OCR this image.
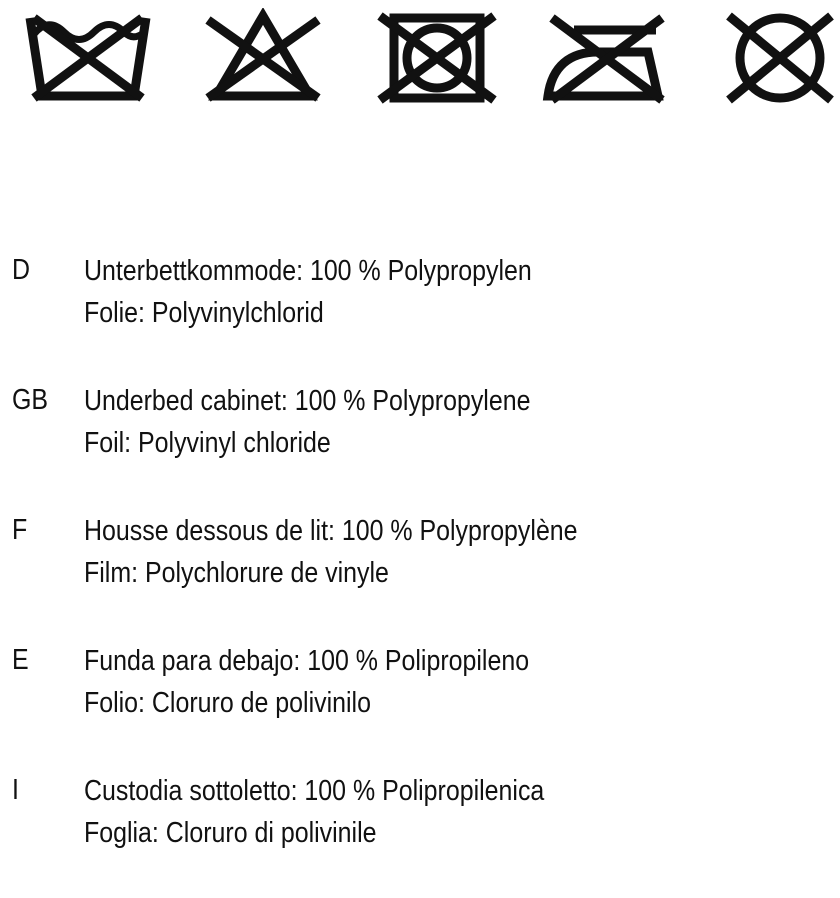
D	Unterbettkommode: 100 % Polypropylen
Folie: Polyvinylchlorid
GB	Underbed cabinet: 100 % Polypropylene
Foil: Polyvinyl chloride
F	Housse dessous de lit: 100 % Polypropylène
Film: Polychlorure de vinyle
E	Funda para debajo: 100 % Polipropileno
Folio: Cloruro de polivinilo
I	Custodia sottoletto: 100 % Polipropilenica
Foglia: Cloruro di polivinile
